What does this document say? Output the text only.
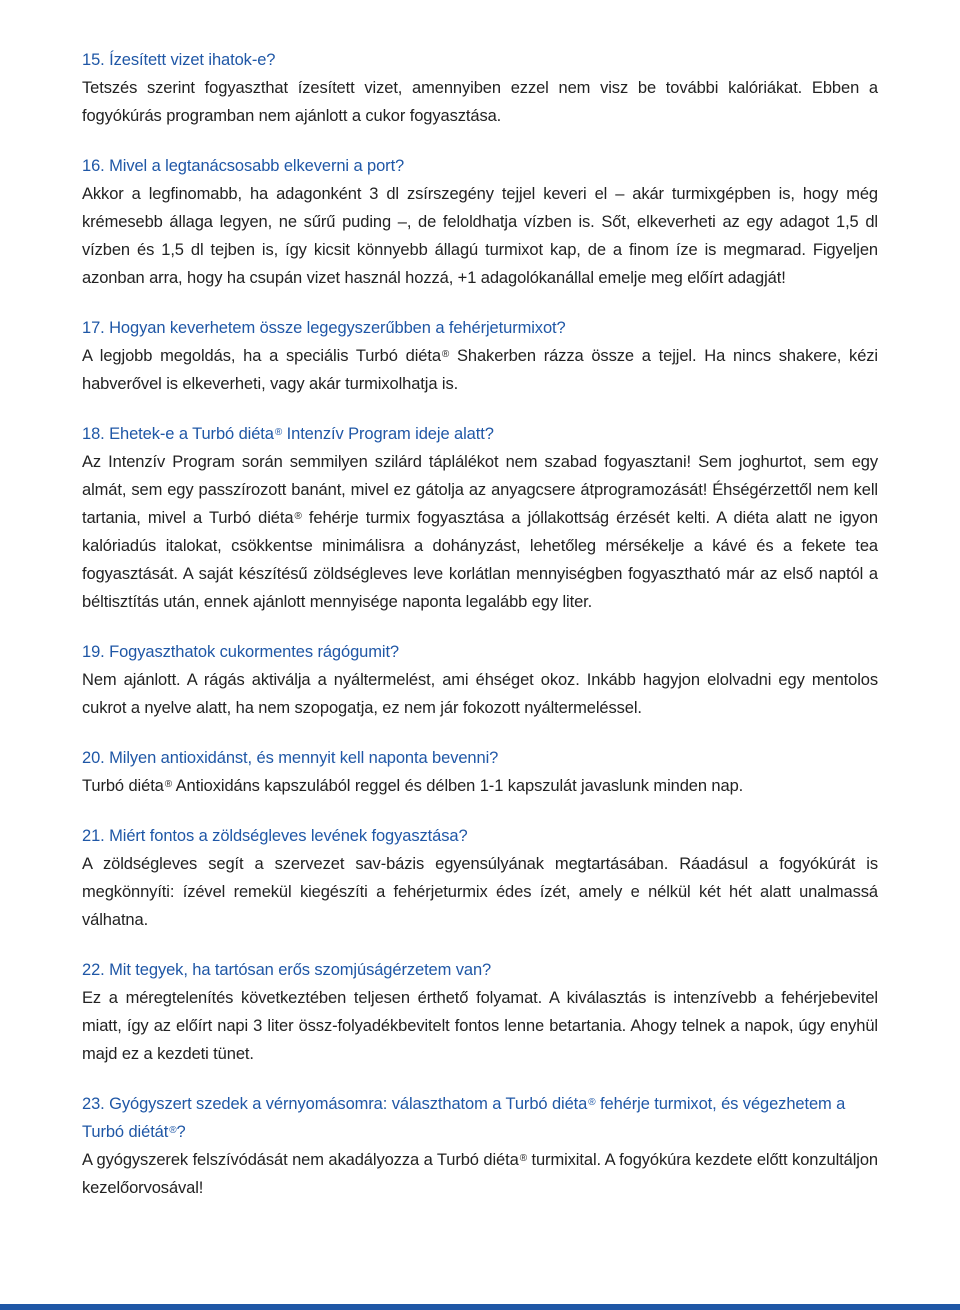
15. Ízesített vizet ihatok-e?

Tetszés szerint fogyaszthat ízesített vizet, amennyiben ezzel nem visz be további kalóriákat. Ebben a fogyókúrás programban nem ajánlott a cukor fogyasztása.

16. Mivel a legtanácsosabb elkeverni a port?

Akkor a legfinomabb, ha adagonként 3 dl zsírszegény tejjel keveri el – akár turmixgépben is, hogy még krémesebb állaga legyen, ne sűrű puding –, de feloldhatja vízben is. Sőt, elkeverheti az egy adagot 1,5 dl vízben és 1,5 dl tejben is, így kicsit könnyebb állagú turmixot kap, de a finom íze is megmarad. Figyeljen azonban arra, hogy ha csupán vizet használ hozzá, +1 adagolókanállal emelje meg előírt adagját!

17. Hogyan keverhetem össze legegyszerűbben a fehérjeturmixot?

A legjobb megoldás, ha a speciális Turbó diéta® Shakerben rázza össze a tejjel. Ha nincs shakere, kézi habverővel is elkeverheti, vagy akár turmixolhatja is.

18. Ehetek-e a Turbó diéta® Intenzív Program ideje alatt?

Az Intenzív Program során semmilyen szilárd táplálékot nem szabad fogyasztani! Sem joghurtot, sem egy almát, sem egy passzírozott banánt, mivel ez gátolja az anyagcsere átprogramozását! Éhségérzettől nem kell tartania, mivel a Turbó diéta® fehérje turmix fogyasztása a jóllakottság érzését kelti. A diéta alatt ne igyon kalóriadús italokat, csökkentse minimálisra a dohányzást, lehetőleg mérsékelje a kávé és a fekete tea fogyasztását. A saját készítésű zöldségleves leve korlátlan mennyiségben fogyasztható már az első naptól a béltisztítás után, ennek ajánlott mennyisége naponta legalább egy liter.

19. Fogyaszthatok cukormentes rágógumit?

Nem ajánlott. A rágás aktiválja a nyáltermelést, ami éhséget okoz. Inkább hagyjon elolvadni egy mentolos cukrot a nyelve alatt, ha nem szopogatja, ez nem jár fokozott nyáltermeléssel.

20. Milyen antioxidánst, és mennyit kell naponta bevenni?

Turbó diéta® Antioxidáns kapszulából reggel és délben 1-1 kapszulát javaslunk minden nap.

21. Miért fontos a zöldségleves levének fogyasztása?

A zöldségleves segít a szervezet sav-bázis egyensúlyának megtartásában. Ráadásul a fogyókúrát is megkönnyíti: ízével remekül kiegészíti a fehérjeturmix édes ízét, amely e nélkül két hét alatt unalmassá válhatna.

22. Mit tegyek, ha tartósan erős szomjúságérzetem van?

Ez a méregtelenítés következtében teljesen érthető folyamat. A kiválasztás is intenzívebb a fehérjebevitel miatt, így az előírt napi 3 liter össz-folyadékbevitelt fontos lenne betartania. Ahogy telnek a napok, úgy enyhül majd ez a kezdeti tünet.

23. Gyógyszert szedek a vérnyomásomra: választhatom a Turbó diéta® fehérje turmixot, és végezhetem a Turbó diétát®?

A gyógyszerek felszívódását nem akadályozza a Turbó diéta® turmixital. A fogyókúra kezdete előtt konzultáljon kezelőorvosával!
